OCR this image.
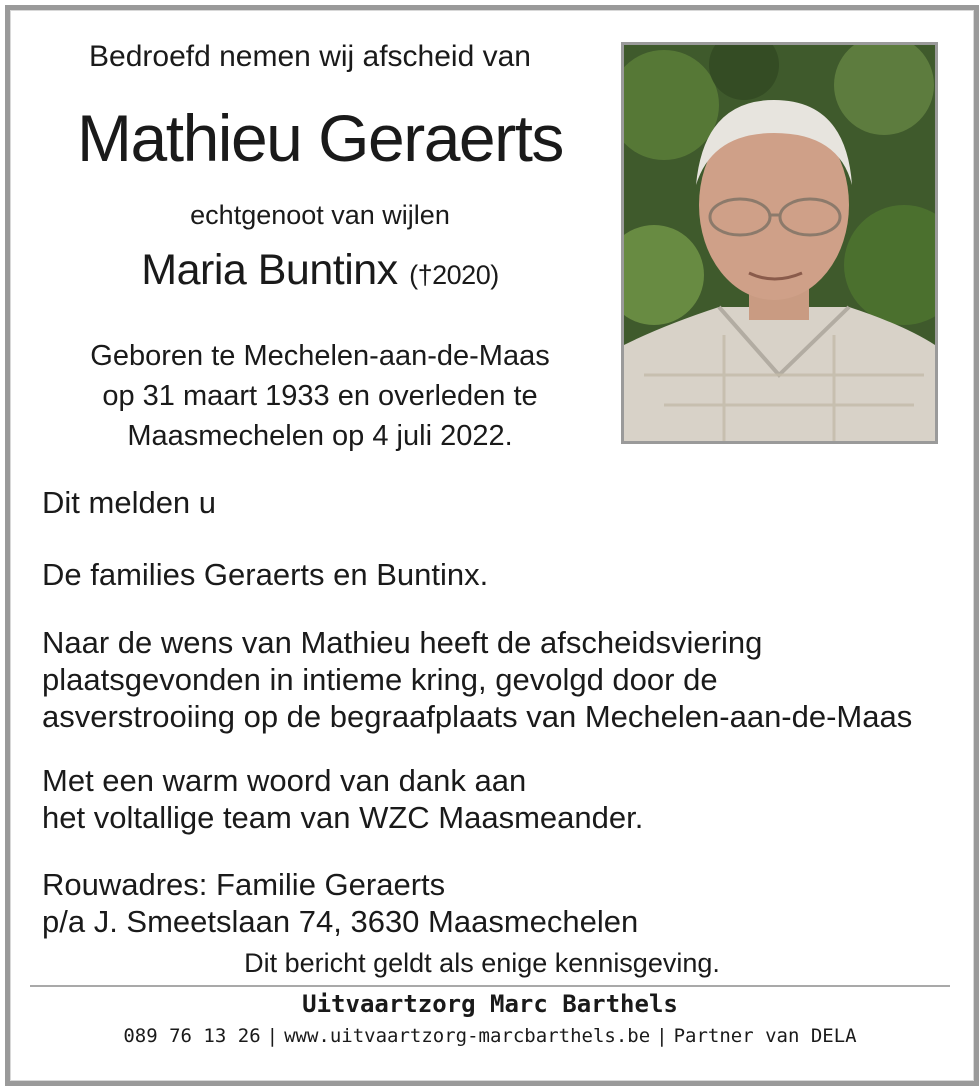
Bedroefd nemen wij afscheid van
Mathieu Geraerts
echtgenoot van wijlen
Maria Buntinx (†2020)
Geboren te Mechelen-aan-de-Maas
op 31 maart 1933 en overleden te
Maasmechelen op 4 juli 2022.
Dit melden u
De families Geraerts en Buntinx.
Naar de wens van Mathieu heeft de afscheidsviering
plaatsgevonden in intieme kring, gevolgd door de
asverstrooiing op de begraafplaats van Mechelen-aan-de-Maas
Met een warm woord van dank aan
het voltallige team van WZC Maasmeander.
Rouwadres: Familie Geraerts
p/a J. Smeetslaan 74, 3630 Maasmechelen
Dit bericht geldt als enige kennisgeving.
Uitvaartzorg Marc Barthels
089 76 13 26 | www.uitvaartzorg-marcbarthels.be | Partner van DELA
